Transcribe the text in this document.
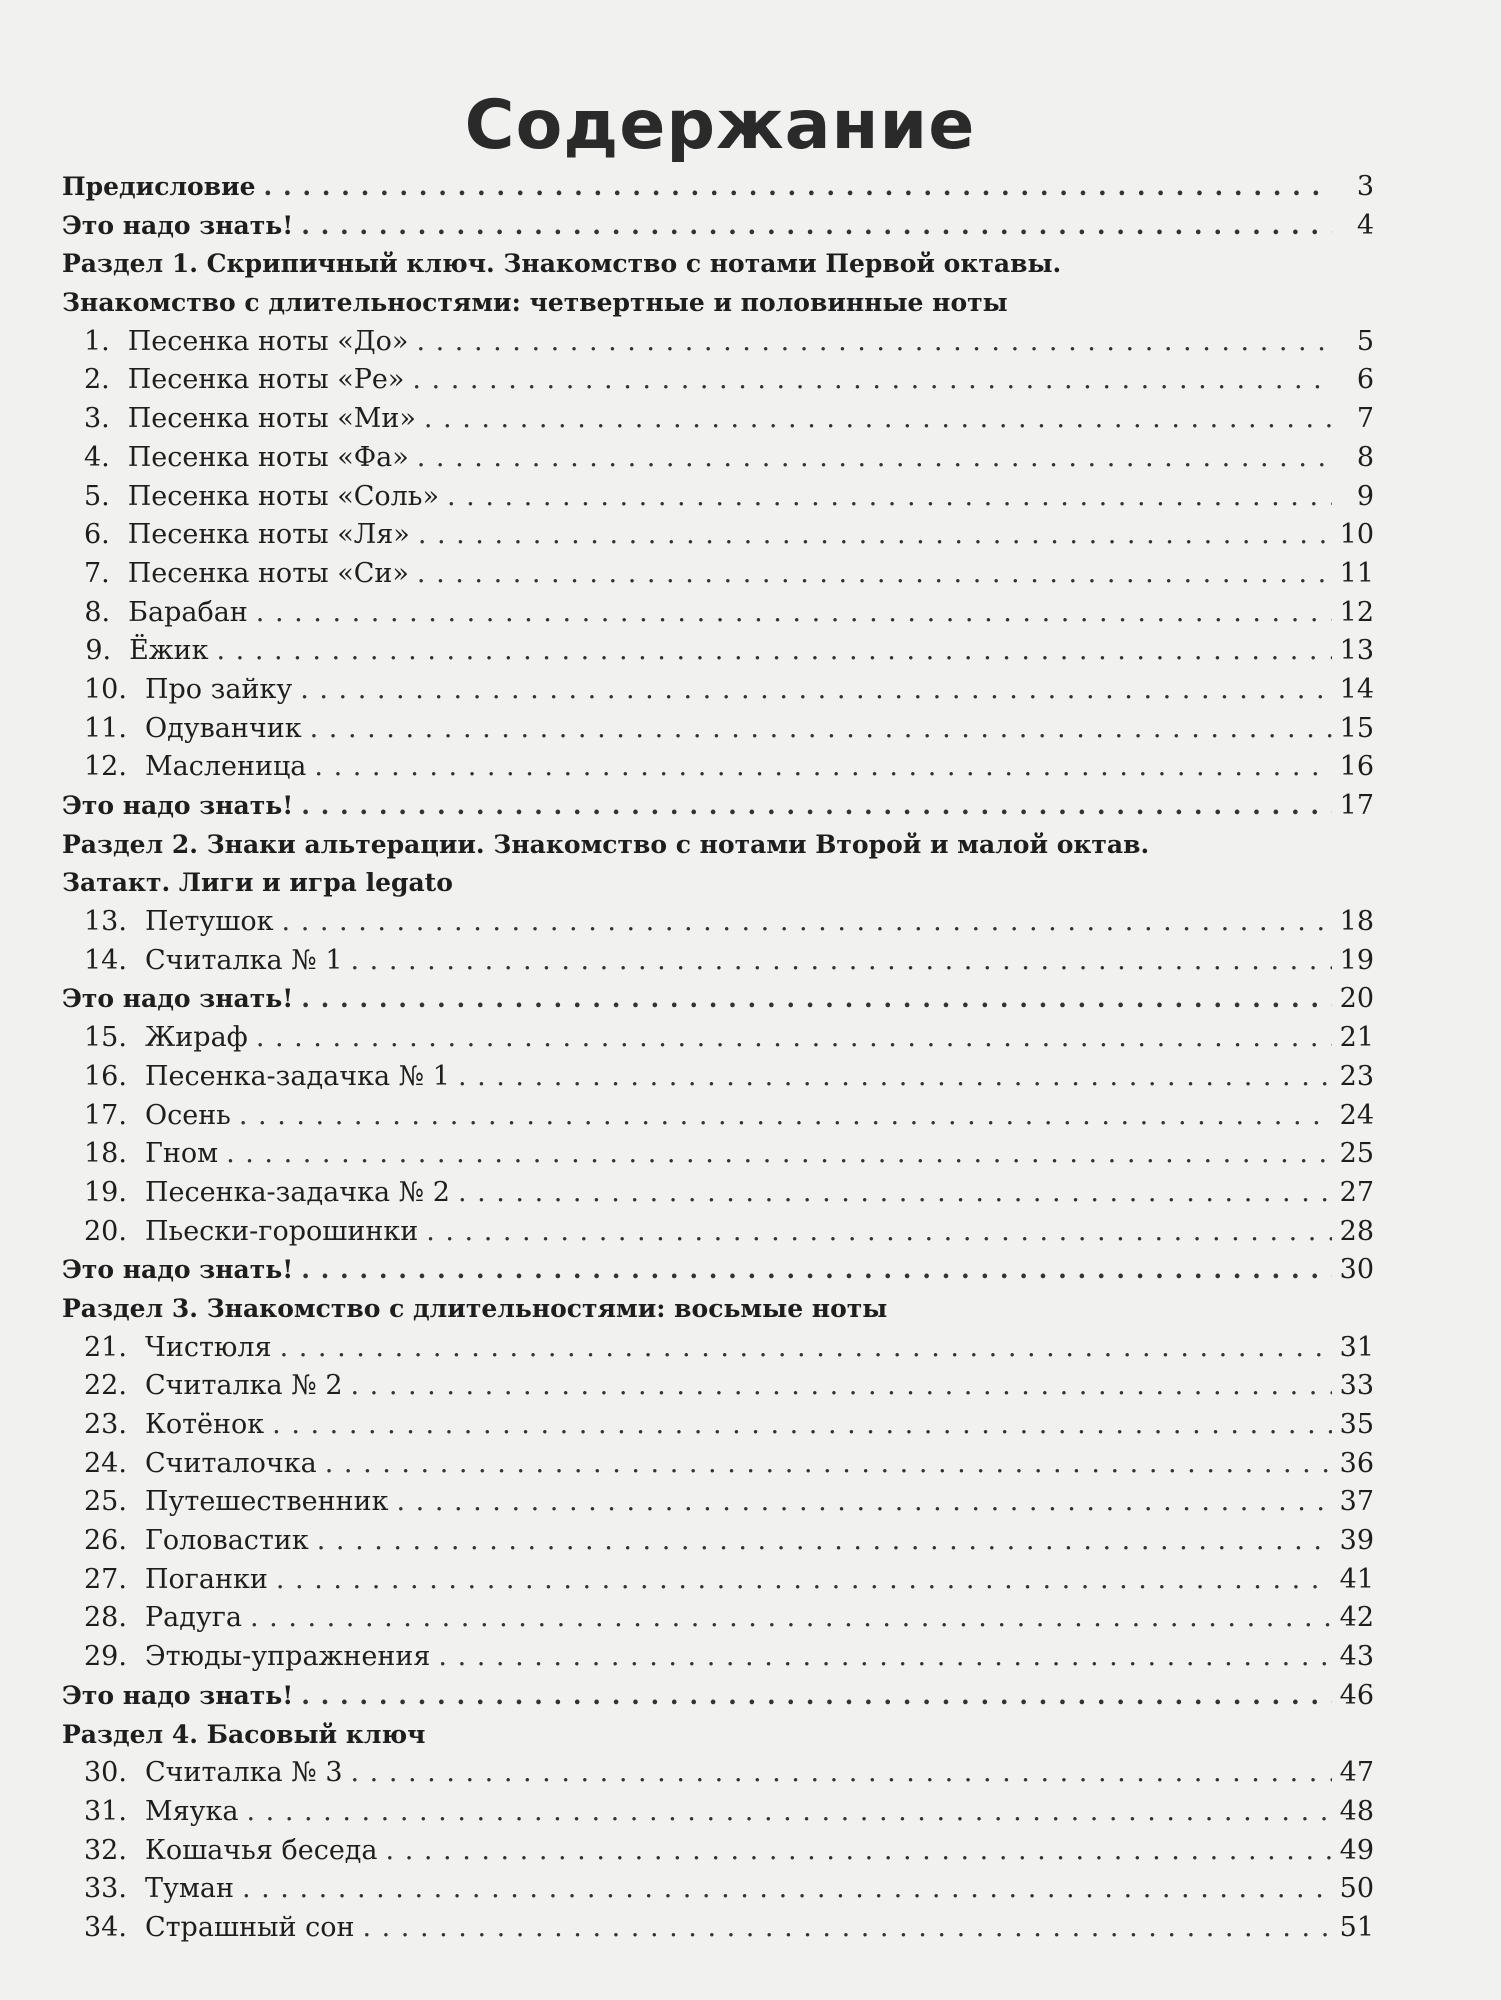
Содержание
Предисловие . . .	3
Это надо знать! . . .	4
Раздел 1. Скрипичный ключ. Знакомство с нотами Первой октавы.
Знакомство с длительностями: четвертные и половинные ноты
1. Песенка ноты «До» . . .	5
2. Песенка ноты «Ре» . . .	6
3. Песенка ноты «Ми» . . .	7
4. Песенка ноты «Фа» . . .	8
5. Песенка ноты «Соль» . . .	9
6. Песенка ноты «Ля» . . .	10
7. Песенка ноты «Си» . . .	11
8. Барабан . . .	12
9. Ёжик . . .	13
10. Про зайку . . .	14
11. Одуванчик . . .	15
12. Масленица . . .	16
Это надо знать! . . .	17
Раздел 2. Знаки альтерации. Знакомство с нотами Второй и малой октав.
Затакт. Лиги и игра legato
13. Петушок . . .	18
14. Считалка № 1 . . .	19
Это надо знать! . . .	20
15. Жираф . . .	21
16. Песенка-задачка № 1 . . .	23
17. Осень . . .	24
18. Гном . . .	25
19. Песенка-задачка № 2 . . .	27
20. Пьески-горошинки . . .	28
Это надо знать! . . .	30
Раздел 3. Знакомство с длительностями: восьмые ноты
21. Чистюля . . .	31
22. Считалка № 2 . . .	33
23. Котёнок . . .	35
24. Считалочка . . .	36
25. Путешественник . . .	37
26. Головастик . . .	39
27. Поганки . . .	41
28. Радуга . . .	42
29. Этюды-упражнения . . .	43
Это надо знать! . . .	46
Раздел 4. Басовый ключ
30. Считалка № 3 . . .	47
31. Мяука . . .	48
32. Кошачья беседа . . .	49
33. Туман . . .	50
34. Страшный сон . . .	51
